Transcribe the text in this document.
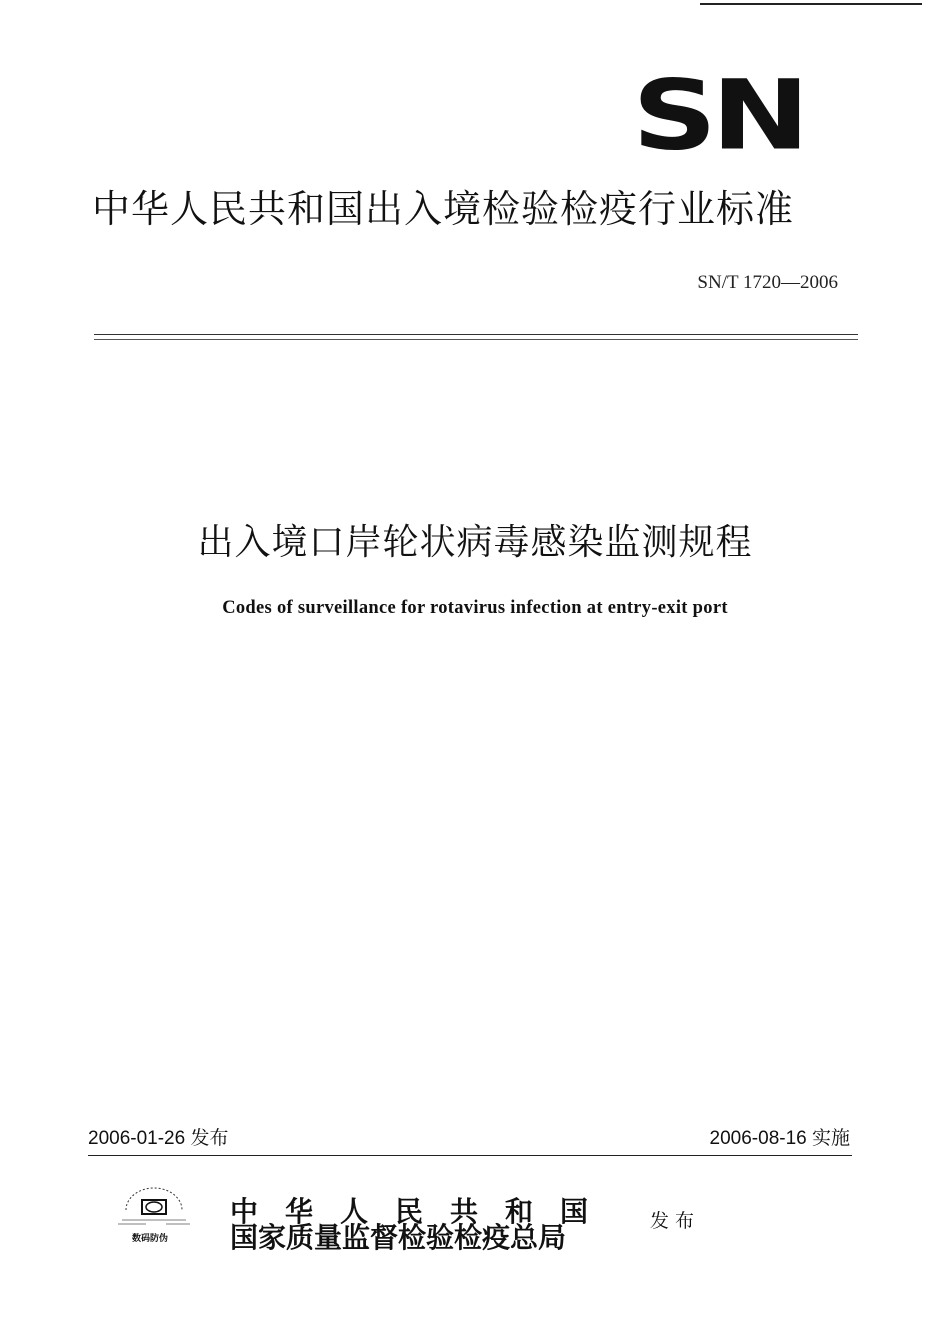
SN
中华人民共和国出入境检验检疫行业标准
SN/T 1720—2006
出入境口岸轮状病毒感染监测规程
Codes of surveillance for rotavirus infection at entry-exit port
2006-01-26 发布	2006-08-16 实施
数码防伪
中华人民共和国
国家质量监督检验检疫总局	发布
